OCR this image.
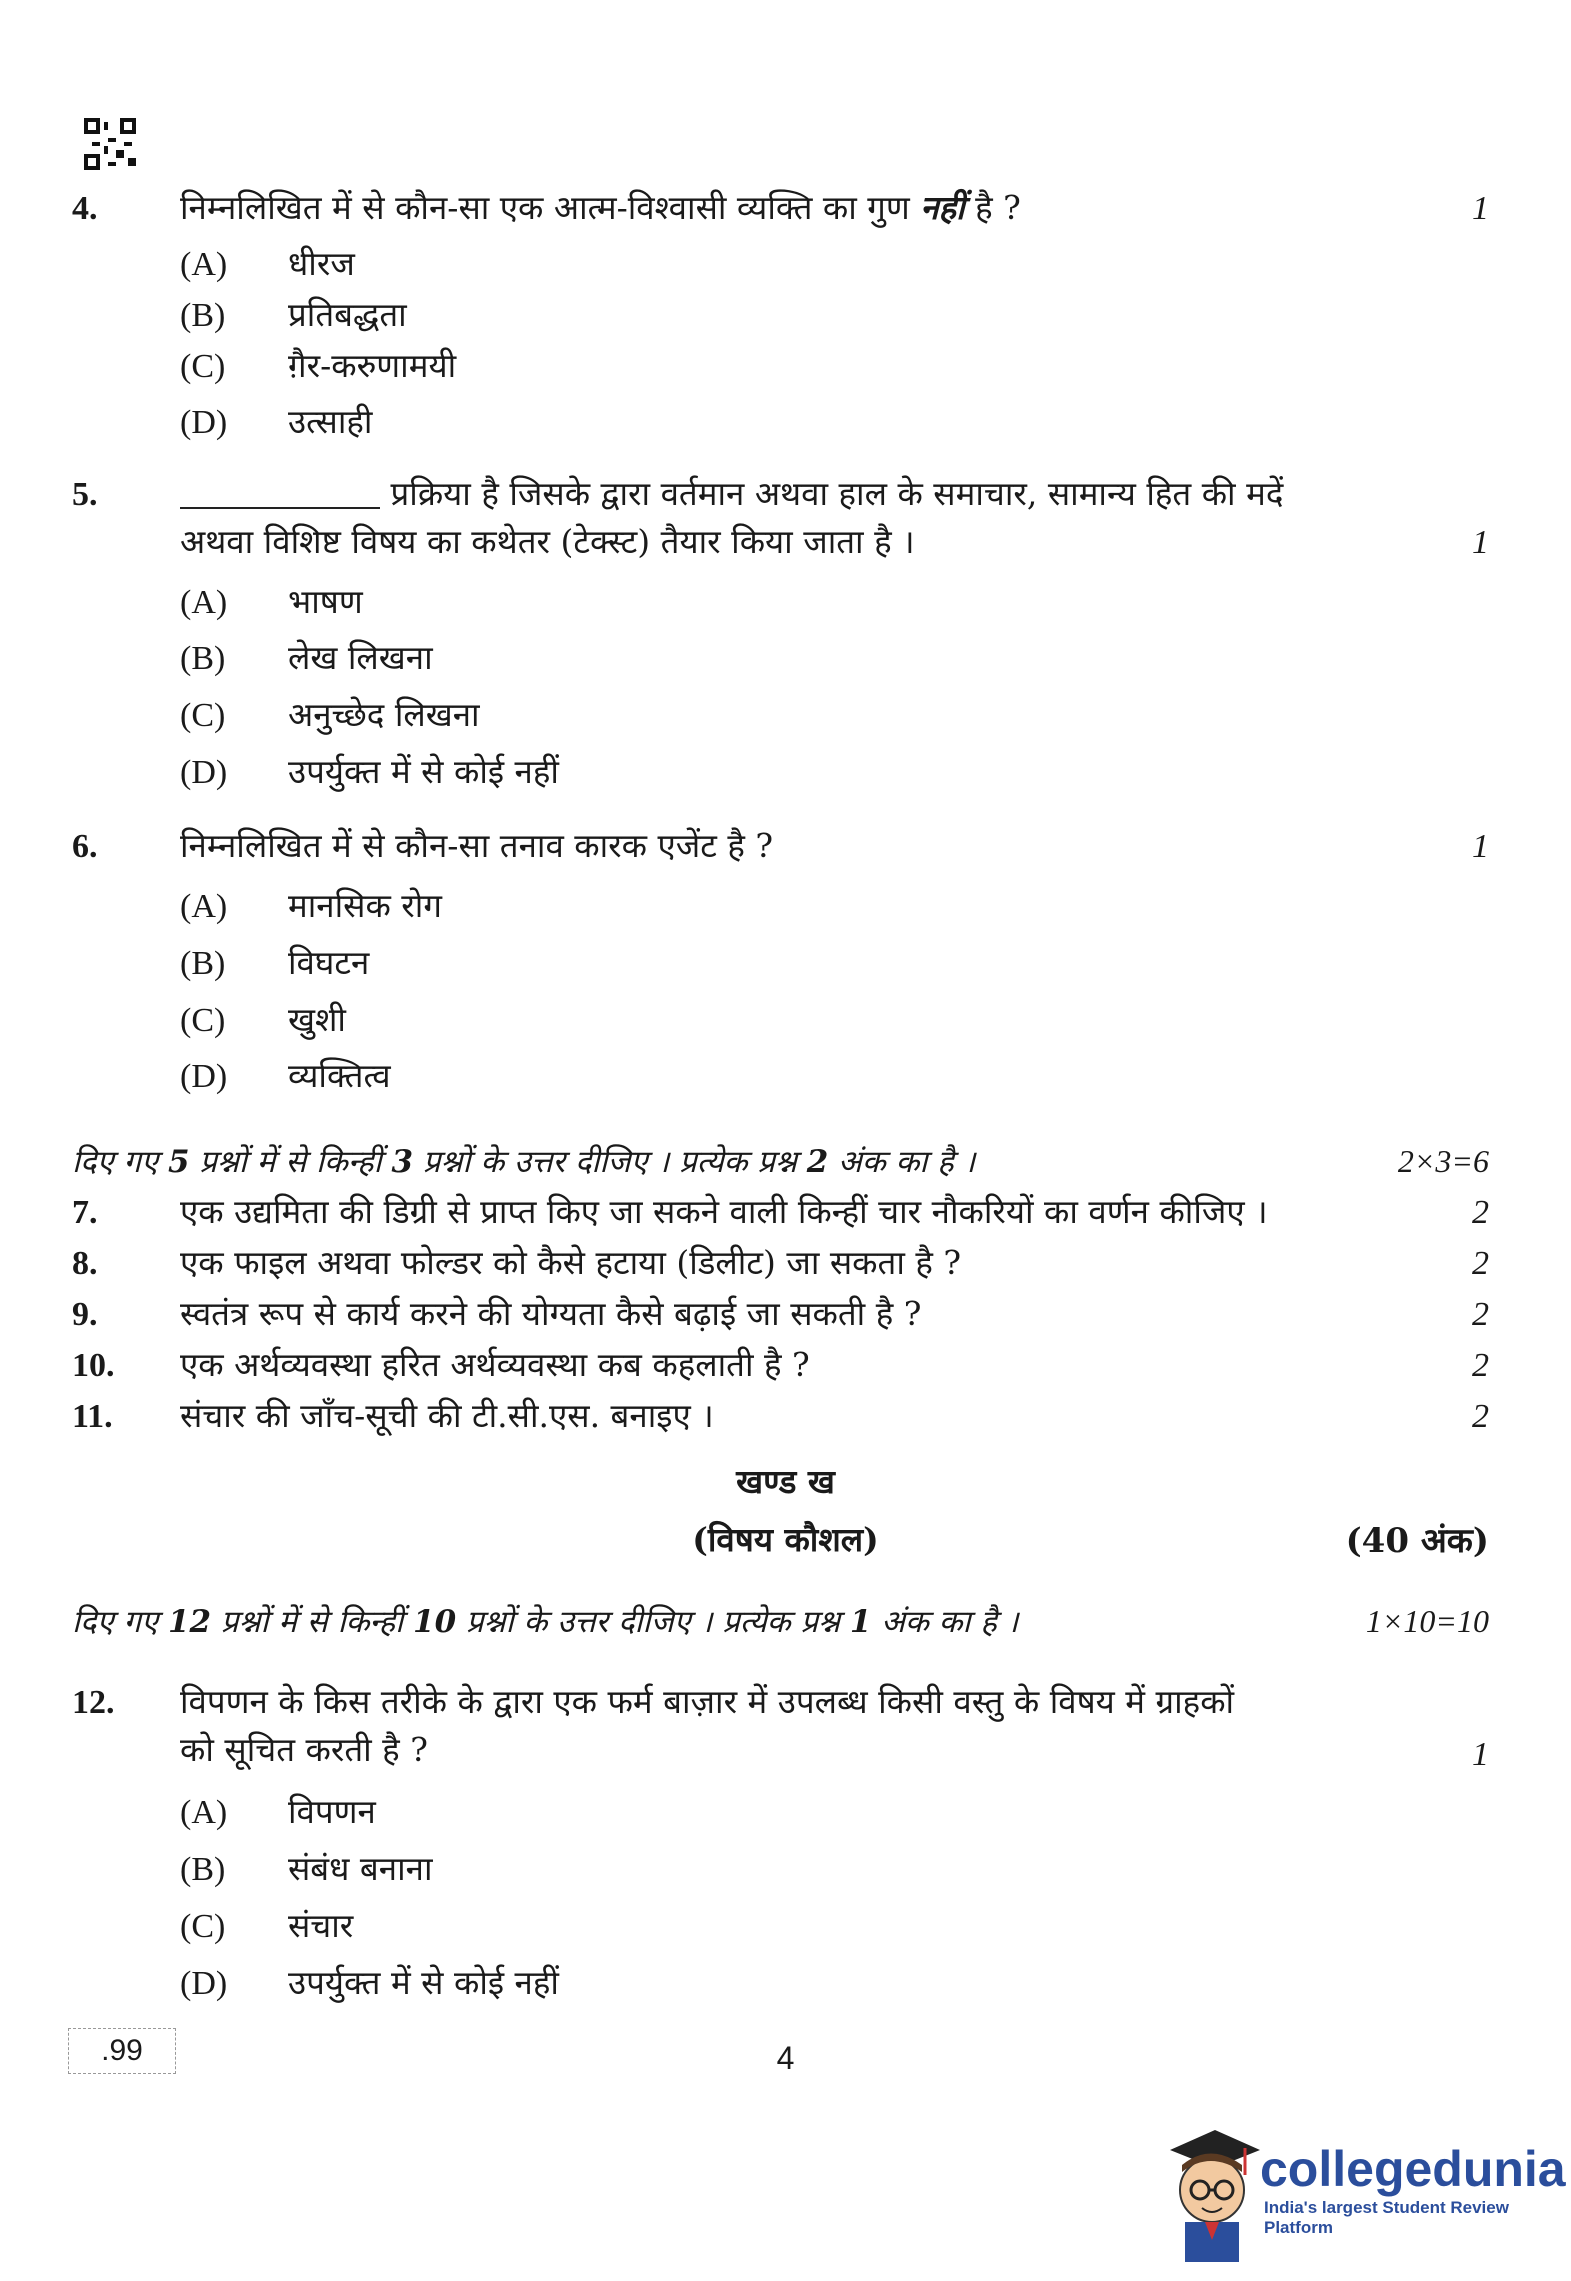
4.	निम्नलिखित में से कौन-सा एक आत्म-विश्वासी व्यक्ति का गुण नहीं है ?	1
(A) धीरज
(B) प्रतिबद्धता
(C) ग़ैर-करुणामयी
(D) उत्साही
5.	प्रक्रिया है जिसके द्वारा वर्तमान अथवा हाल के समाचार, सामान्य हित की मदें
अथवा विशिष्ट विषय का कथेतर (टेक्स्ट) तैयार किया जाता है ।	1
(A) भाषण
(B) लेख लिखना
(C) अनुच्छेद लिखना
(D) उपर्युक्त में से कोई नहीं
6.	निम्नलिखित में से कौन-सा तनाव कारक एजेंट है ?	1
(A) मानसिक रोग
(B) विघटन
(C) खुशी
(D) व्यक्तित्व
दिए गए 5 प्रश्नों में से किन्हीं 3 प्रश्नों के उत्तर दीजिए । प्रत्येक प्रश्न 2 अंक का है ।	2×3=6
7.	एक उद्यमिता की डिग्री से प्राप्त किए जा सकने वाली किन्हीं चार नौकरियों का वर्णन कीजिए ।	2
8.	एक फाइल अथवा फोल्डर को कैसे हटाया (डिलीट) जा सकता है ?	2
9.	स्वतंत्र रूप से कार्य करने की योग्यता कैसे बढ़ाई जा सकती है ?	2
10. एक अर्थव्यवस्था हरित अर्थव्यवस्था कब कहलाती है ?	2
11. संचार की जाँच-सूची की टी.सी.एस. बनाइए ।	2
खण्ड ख
(विषय कौशल)	(40 अंक)
दिए गए 12 प्रश्नों में से किन्हीं 10 प्रश्नों के उत्तर दीजिए । प्रत्येक प्रश्न 1 अंक का है ।	1×10=10
12. विपणन के किस तरीके के द्वारा एक फर्म बाज़ार में उपलब्ध किसी वस्तु के विषय में ग्राहकों
को सूचित करती है ?	1
(A) विपणन
(B) संबंध बनाना
(C) संचार
(D) उपर्युक्त में से कोई नहीं
.99	4
collegedunia
India's largest Student Review Platform
